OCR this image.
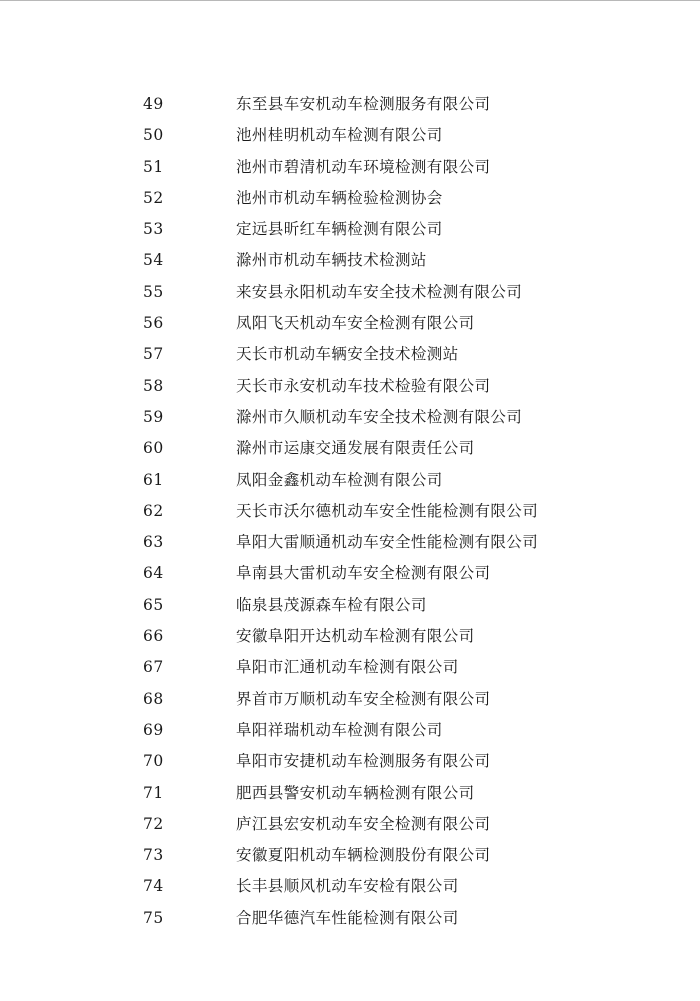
49	东至县车安机动车检测服务有限公司
50	池州桂明机动车检测有限公司
51	池州市碧清机动车环境检测有限公司
52	池州市机动车辆检验检测协会
53	定远县昕红车辆检测有限公司
54	滁州市机动车辆技术检测站
55	来安县永阳机动车安全技术检测有限公司
56	凤阳飞天机动车安全检测有限公司
57	天长市机动车辆安全技术检测站
58	天长市永安机动车技术检验有限公司
59	滁州市久顺机动车安全技术检测有限公司
60	滁州市运康交通发展有限责任公司
61	凤阳金鑫机动车检测有限公司
62	天长市沃尔德机动车安全性能检测有限公司
63	阜阳大雷顺通机动车安全性能检测有限公司
64	阜南县大雷机动车安全检测有限公司
65	临泉县茂源森车检有限公司
66	安徽阜阳开达机动车检测有限公司
67	阜阳市汇通机动车检测有限公司
68	界首市万顺机动车安全检测有限公司
69	阜阳祥瑞机动车检测有限公司
70	阜阳市安捷机动车检测服务有限公司
71	肥西县警安机动车辆检测有限公司
72	庐江县宏安机动车安全检测有限公司
73	安徽夏阳机动车辆检测股份有限公司
74	长丰县顺风机动车安检有限公司
75	合肥华德汽车性能检测有限公司
